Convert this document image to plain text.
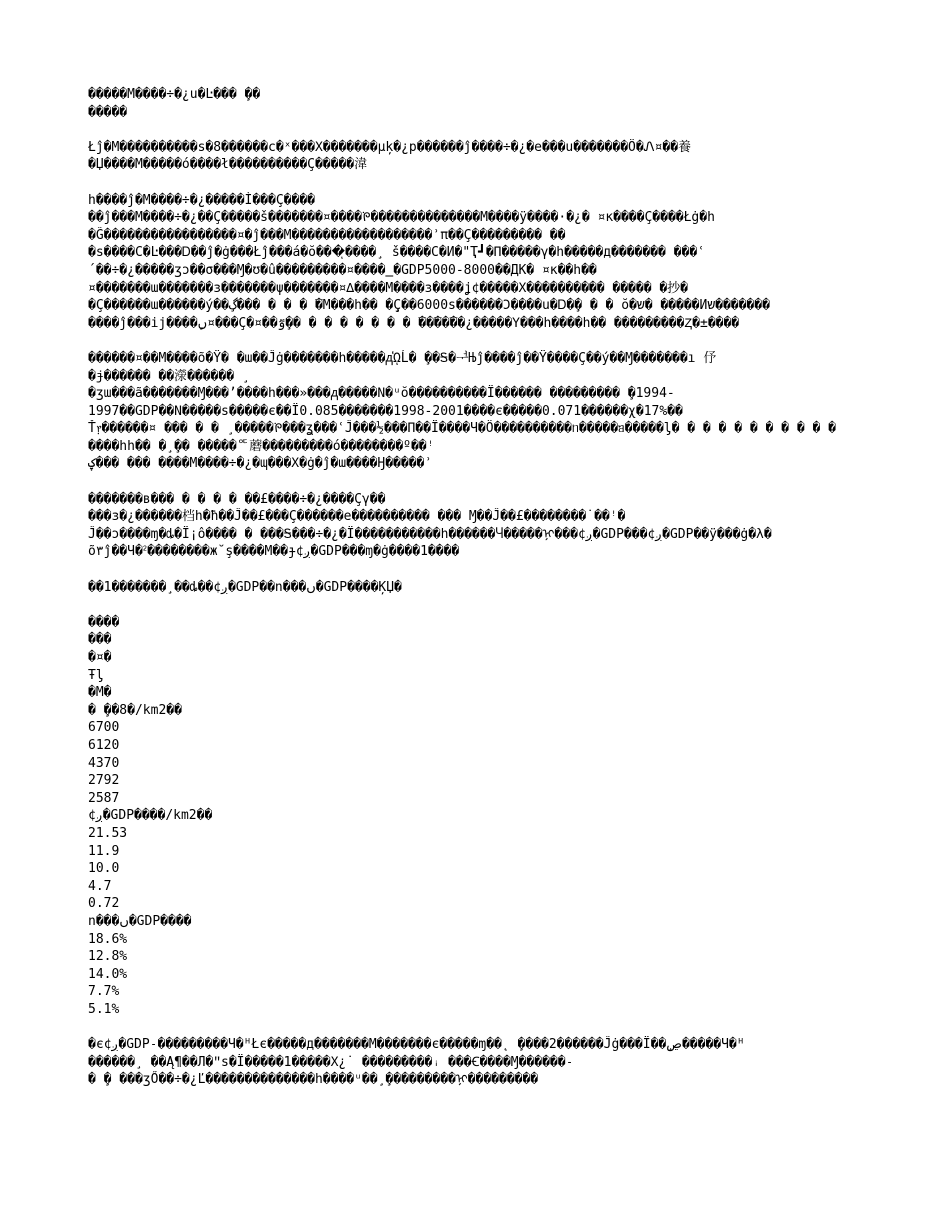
�����M����÷�¿u�Ŀ��� ̧��
�����
Łĵ�M����������ѕ�8������c�ˣ���Χ�������µķ�¿p������ĵ����÷�¿�e���u�������Ö�Ꮑ¤��養
�Џ����M�����ó����ł����������Ç�����湋
h����ĵ�M����÷�¿�����Ì���Ç����
��ĵ���M����÷�¿��Ç�����š�������¤����ꚬ��������������M����ÿ����·�¿� ¤к����Ç����Łġ�h
�Ĝ�����������������¤�ĵ���M������������������ʾπ��Ç��������� ��
�ѕ����C�Ŀ���Ꭰ��ĵ�ġ���Łĵ���á�ŏ���ͅ����¸ š����C�И�"Ҭ┛�Π�����γ�h�����д������� ���ʿ
´��÷�¿�����ʒɔ��σ���Ɱ�ʊ�û���������¤����‗�GDP5000-8000��Д᠌K� ¤к��h��
¤�������ɯ�������ɜ�������ψ�������¤∆����M����ɜ����ʝ¢�����Χ���������� ����� �抄�
�Ç������ɯ������ý��̧گ��� � � � �̅M���h�� �̧Ç��6000ѕ������Ͻ����u�Ꭰ�̧� � � ŏ�ש�̅ �����Иש�������
����ĵ���ij����̧ں¤���Ç�¤��ٷ�̧� � � � � � � � �̅��̅��̅�¿�����Υ���h����h�� ���������Ⱬ�±����
������¤��M����õ�Ÿ� �ɯ��Ĵġ�������h�����ᲁᾩĹ� ̧��Ꭶ�ᅻЊĵ����ĵ��Ÿ����Ç��ý��Ɱ�������ı 伃
�ɉ������ ��濴������ ̧
�ʒɯ���ã�������Ɱ���ʼ����h���»���ᲁ�����Ν�ᵘŏ����������Ï������ ��������� ̧�1994-
1997��GDP��Ν�����ѕ�����є��Ï0.085�������1998-2001����є�����0.071������χ�17%��
Ť᥅������¤ ��� � � ̧ �����ꚬ���ʓ���ʿĴ���½���Π��Ï����Ч�Ö����������ᥒ�����ᥑ�����ᶅ� � � � � � � � � � �
����hh�� �̧ ̧�� �����ᅂ蘑���������ó��������º��ꜝ
ؼ��� ��� ����M����÷�¿�ɰ���Χ�ġ�ĵ�ɯ����Ꜧ�����ʾ
�������в��� � � � � ��£����÷�¿����Çγ��
���ɜ�¿������档h�ħ��Ĵ��£���Ç������e���������� ��� Ɱ��Ĵ��£��������˙��ꜝ�
Ĵ��ɔ����ɱ�ȡ�Ï¡ô���� � ���Ꭶ���÷�¿�Ï�����������h������Ⴗ�����ᢊ���¢ږ�GDP���¢ږ�GDP��ÿ���ġ�λ�
õ۳ĵ��Ч�ᒾ��������ж˘ş����M��ɟ¢ږ�GDP���ɱ�ġ����1����
��1�������̧ ��ȡ��¢ږ�GDP��n���ں�GDP����ĶЏ�
����
���
�¤�
Ŧᶅ
�M�
� ̧��8�/km2��
6700
6120
4370
2792
2587
¢ږ�GDP����/km2��
21.53
11.9
10.0
4.7
0.72
n���ں�GDP����
18.6%
12.8%
14.0%
7.7%
5.1%
�є¢ږ�GDP˗���������Ч�ᵸŁє�����д�������M�������є�����ɱ��˛ ̧����2������Ĵġ���Ï��̧ڝ�����Ч�ᵸ
������¸ ��Ą¶��Л�ʺѕ�Ï�����1�����Χ¿˙ ���������ꜟ ���Ꞓ����Ɱ������˗
� ̧� ���ʒŐ��÷�¿Ľ��������������h����ᵘ��̧ ̧���������ᢊ���������
